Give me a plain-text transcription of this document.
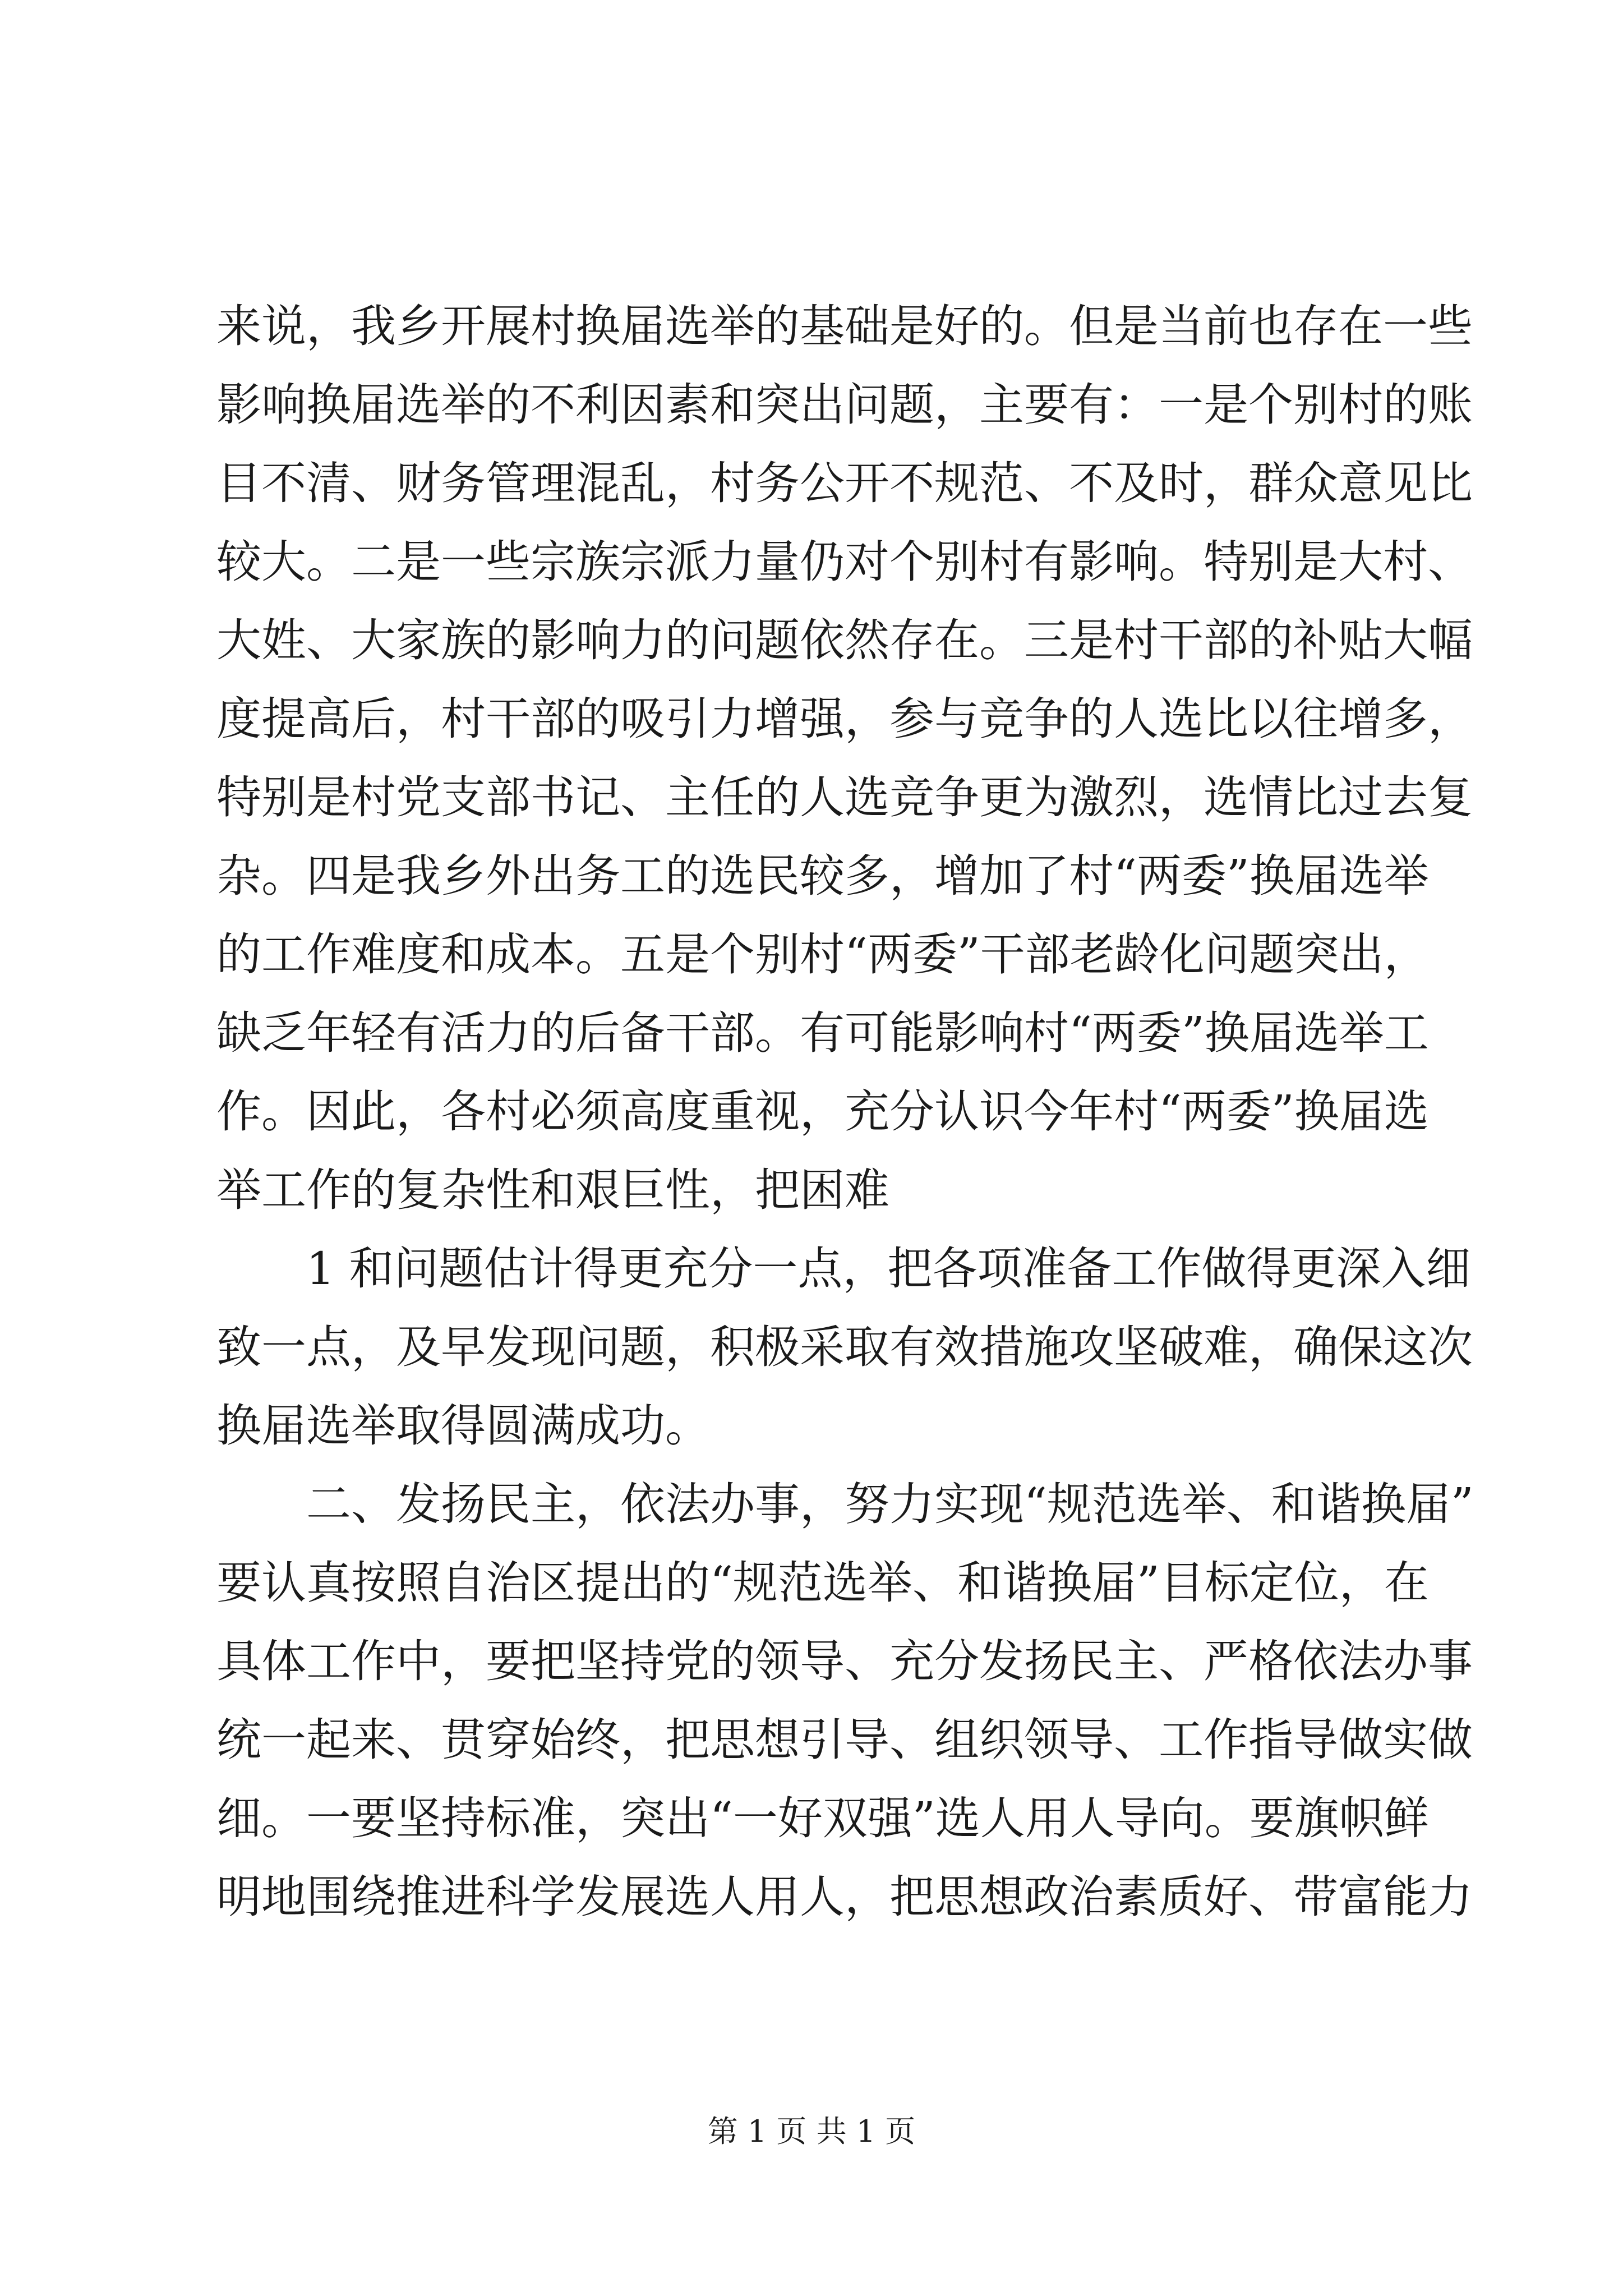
来说，我乡开展村换届选举的基础是好的。但是当前也存在一些
影响换届选举的不利因素和突出问题，主要有：一是个别村的账
目不清、财务管理混乱，村务公开不规范、不及时，群众意见比
较大。二是一些宗族宗派力量仍对个别村有影响。特别是大村、
大姓、大家族的影响力的问题依然存在。三是村干部的补贴大幅
度提高后，村干部的吸引力增强，参与竞争的人选比以往增多，
特别是村党支部书记、主任的人选竞争更为激烈，选情比过去复
杂。四是我乡外出务工的选民较多，增加了村“两委”换届选举
的工作难度和成本。五是个别村“两委”干部老龄化问题突出，
缺乏年轻有活力的后备干部。有可能影响村“两委”换届选举工
作。因此，各村必须高度重视，充分认识今年村“两委”换届选
举工作的复杂性和艰巨性，把困难
1 和问题估计得更充分一点，把各项准备工作做得更深入细
致一点，及早发现问题，积极采取有效措施攻坚破难，确保这次
换届选举取得圆满成功。
二、发扬民主，依法办事，努力实现“规范选举、和谐换届”
要认真按照自治区提出的“规范选举、和谐换届”目标定位，在
具体工作中，要把坚持党的领导、充分发扬民主、严格依法办事
统一起来、贯穿始终，把思想引导、组织领导、工作指导做实做
细。一要坚持标准，突出“一好双强”选人用人导向。要旗帜鲜
明地围绕推进科学发展选人用人，把思想政治素质好、带富能力
第 1 页 共 1 页
